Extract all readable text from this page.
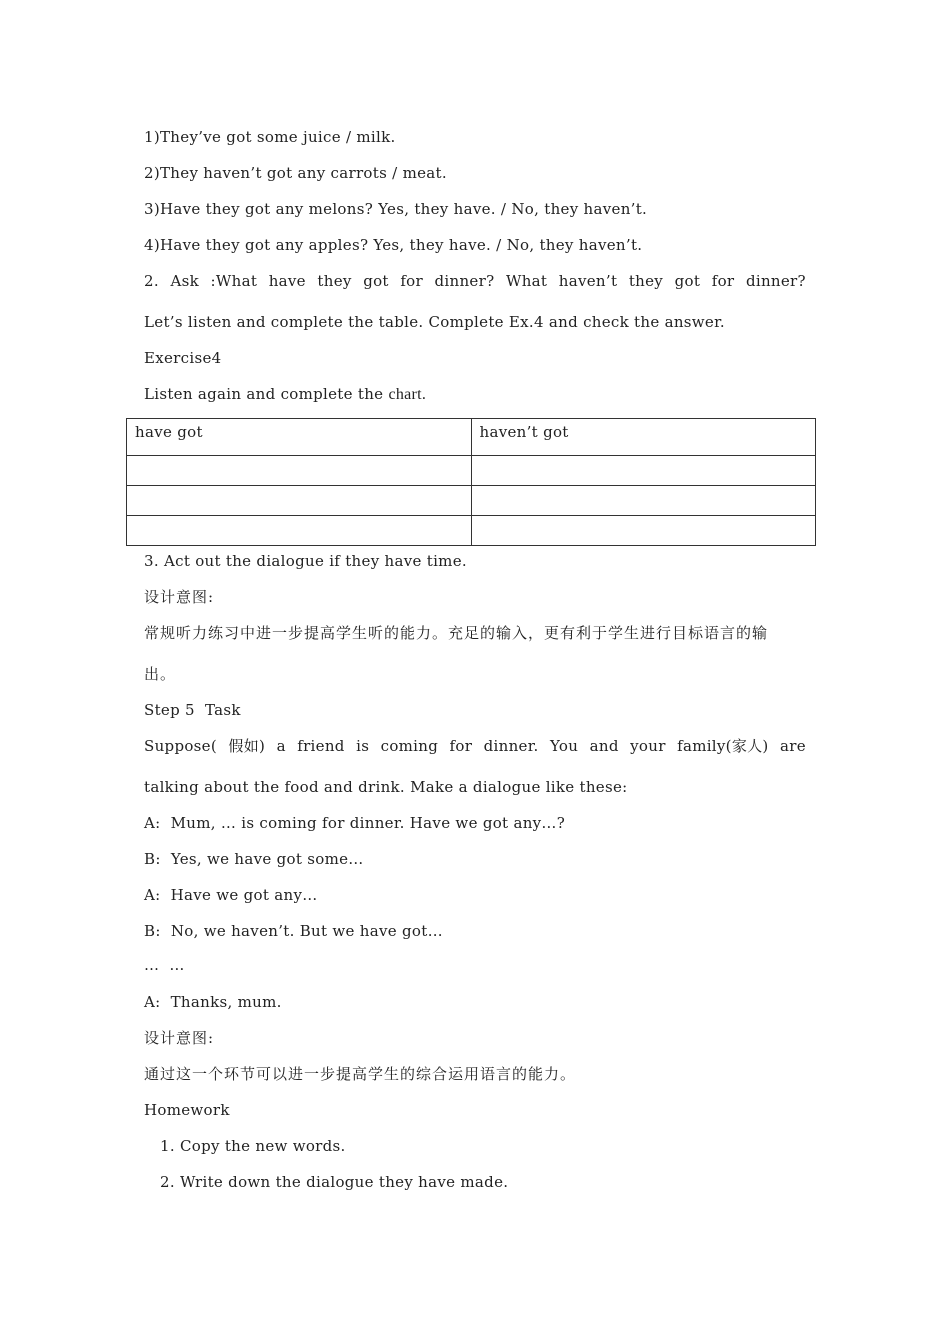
1)They’ve got some juice / milk.
2)They haven’t got any carrots / meat.
3)Have they got any melons? Yes, they have. / No, they haven’t.
4)Have they got any apples? Yes, they have. / No, they haven’t.
2. Ask :What have they got for dinner? What haven’t they got for dinner?
Let’s listen and complete the table. Complete Ex.4 and check the answer.
Exercise4
Listen again and complete the chart.
have got	haven’t got

3. Act out the dialogue if they have time.
设计意图:
常规听力练习中进一步提高学生听的能力。充足的输入，更有利于学生进行目标语言的输
出。
Step 5  Task
Suppose( 假如) a friend is coming for dinner. You and your family(家人) are
talking about the food and drink. Make a dialogue like these:
A:  Mum, … is coming for dinner. Have we got any…?
B:  Yes, we have got some…
A:  Have we got any…
B:  No, we haven’t. But we have got…
…  …
A:  Thanks, mum.
设计意图:
通过这一个环节可以进一步提高学生的综合运用语言的能力。
Homework
1. Copy the new words.
2. Write down the dialogue they have made.
